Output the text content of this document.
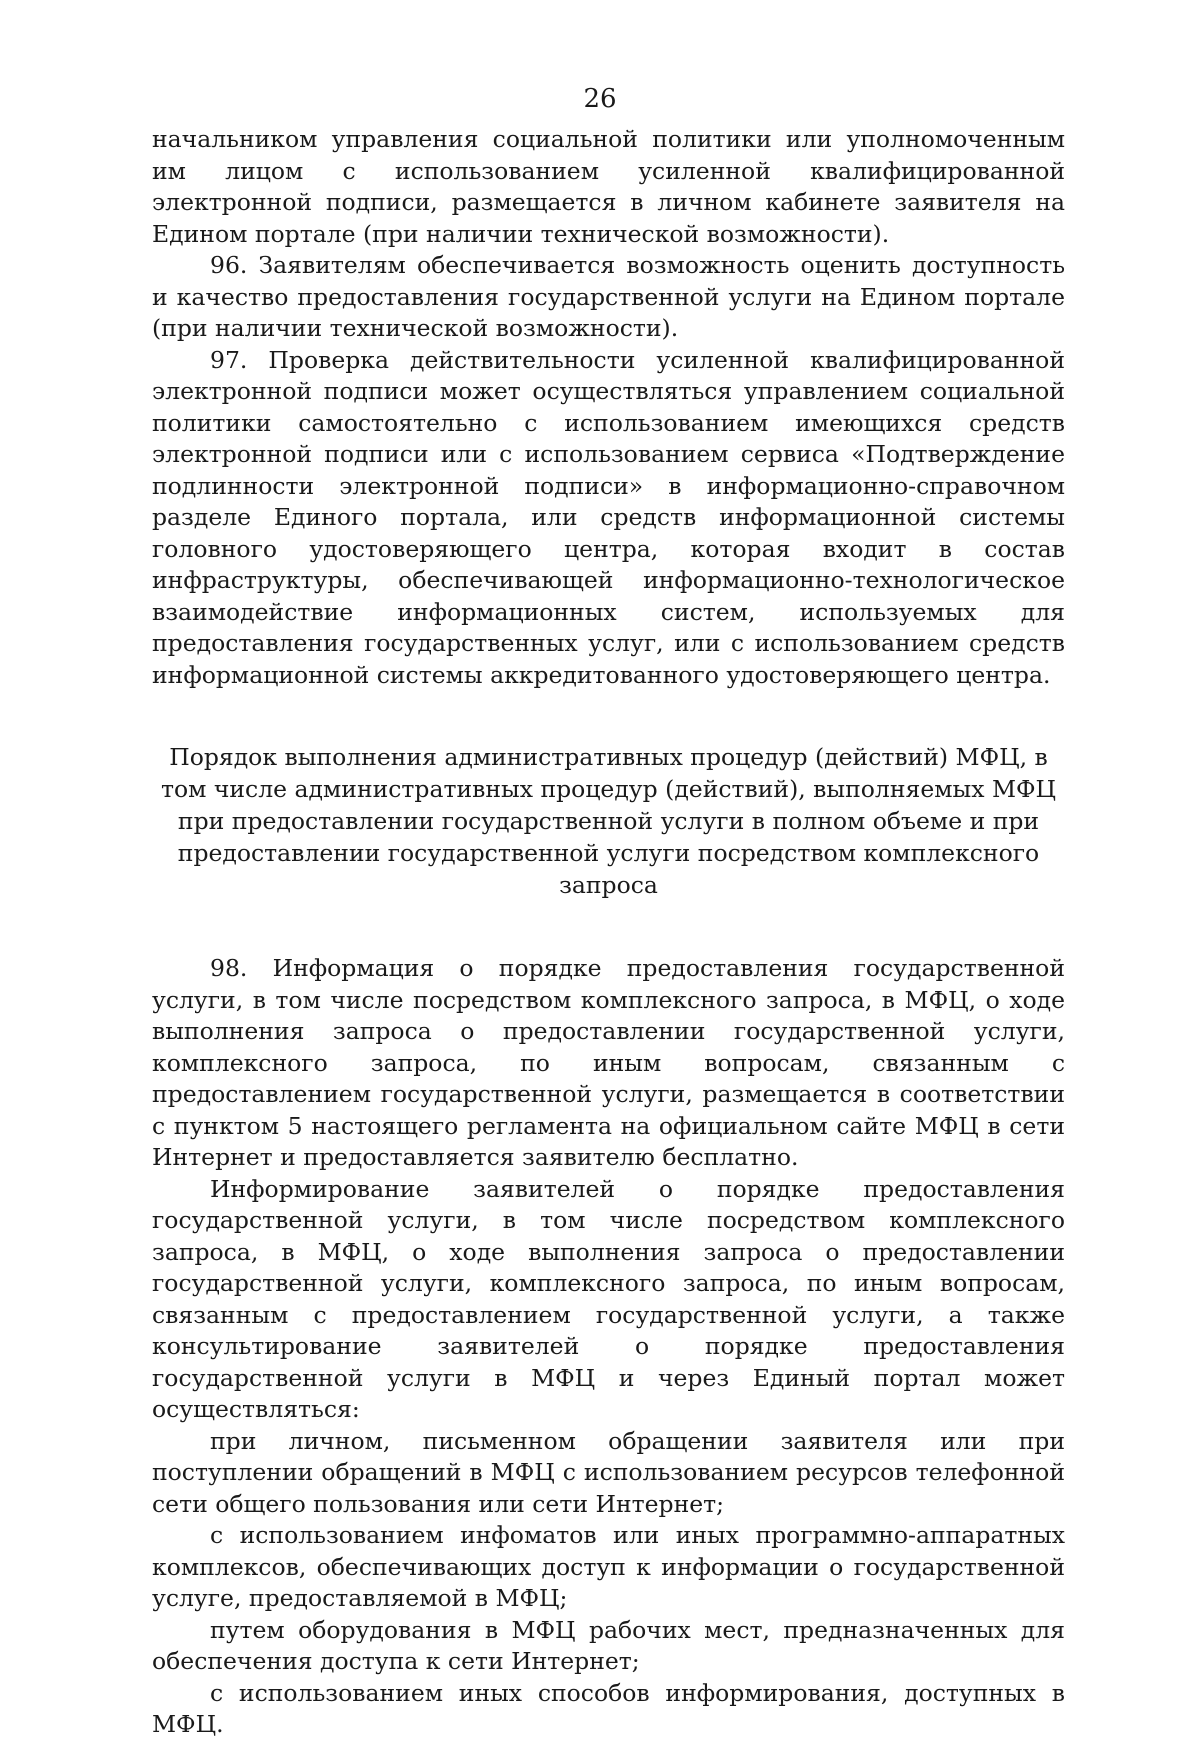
26

начальником управления социальной политики или уполномоченным им лицом с использованием усиленной квалифицированной электронной подписи, размещается в личном кабинете заявителя на Едином портале (при наличии технической возможности).

96. Заявителям обеспечивается возможность оценить доступность и качество предоставления государственной услуги на Едином портале (при наличии технической возможности).

97. Проверка действительности усиленной квалифицированной электронной подписи может осуществляться управлением социальной политики самостоятельно с использованием имеющихся средств электронной подписи или с использованием сервиса «Подтверждение подлинности электронной подписи» в информационно-справочном разделе Единого портала, или средств информационной системы головного удостоверяющего центра, которая входит в состав инфраструктуры, обеспечивающей информационно-технологическое взаимодействие информационных систем, используемых для предоставления государственных услуг, или с использованием средств информационной системы аккредитованного удостоверяющего центра.

Порядок выполнения административных процедур (действий) МФЦ, в том числе административных процедур (действий), выполняемых МФЦ при предоставлении государственной услуги в полном объеме и при предоставлении государственной услуги посредством комплексного запроса

98. Информация о порядке предоставления государственной услуги, в том числе посредством комплексного запроса, в МФЦ, о ходе выполнения запроса о предоставлении государственной услуги, комплексного запроса, по иным вопросам, связанным с предоставлением государственной услуги, размещается в соответствии с пунктом 5 настоящего регламента на официальном сайте МФЦ в сети Интернет и предоставляется заявителю бесплатно.

Информирование заявителей о порядке предоставления государственной услуги, в том числе посредством комплексного запроса, в МФЦ, о ходе выполнения запроса о предоставлении государственной услуги, комплексного запроса, по иным вопросам, связанным с предоставлением государственной услуги, а также консультирование заявителей о порядке предоставления государственной услуги в МФЦ и через Единый портал может осуществляться:

при личном, письменном обращении заявителя или при поступлении обращений в МФЦ с использованием ресурсов телефонной сети общего пользования или сети Интернет;

с использованием инфоматов или иных программно-аппаратных комплексов, обеспечивающих доступ к информации о государственной услуге, предоставляемой в МФЦ;

путем оборудования в МФЦ рабочих мест, предназначенных для обеспечения доступа к сети Интернет;

с использованием иных способов информирования, доступных в МФЦ.
